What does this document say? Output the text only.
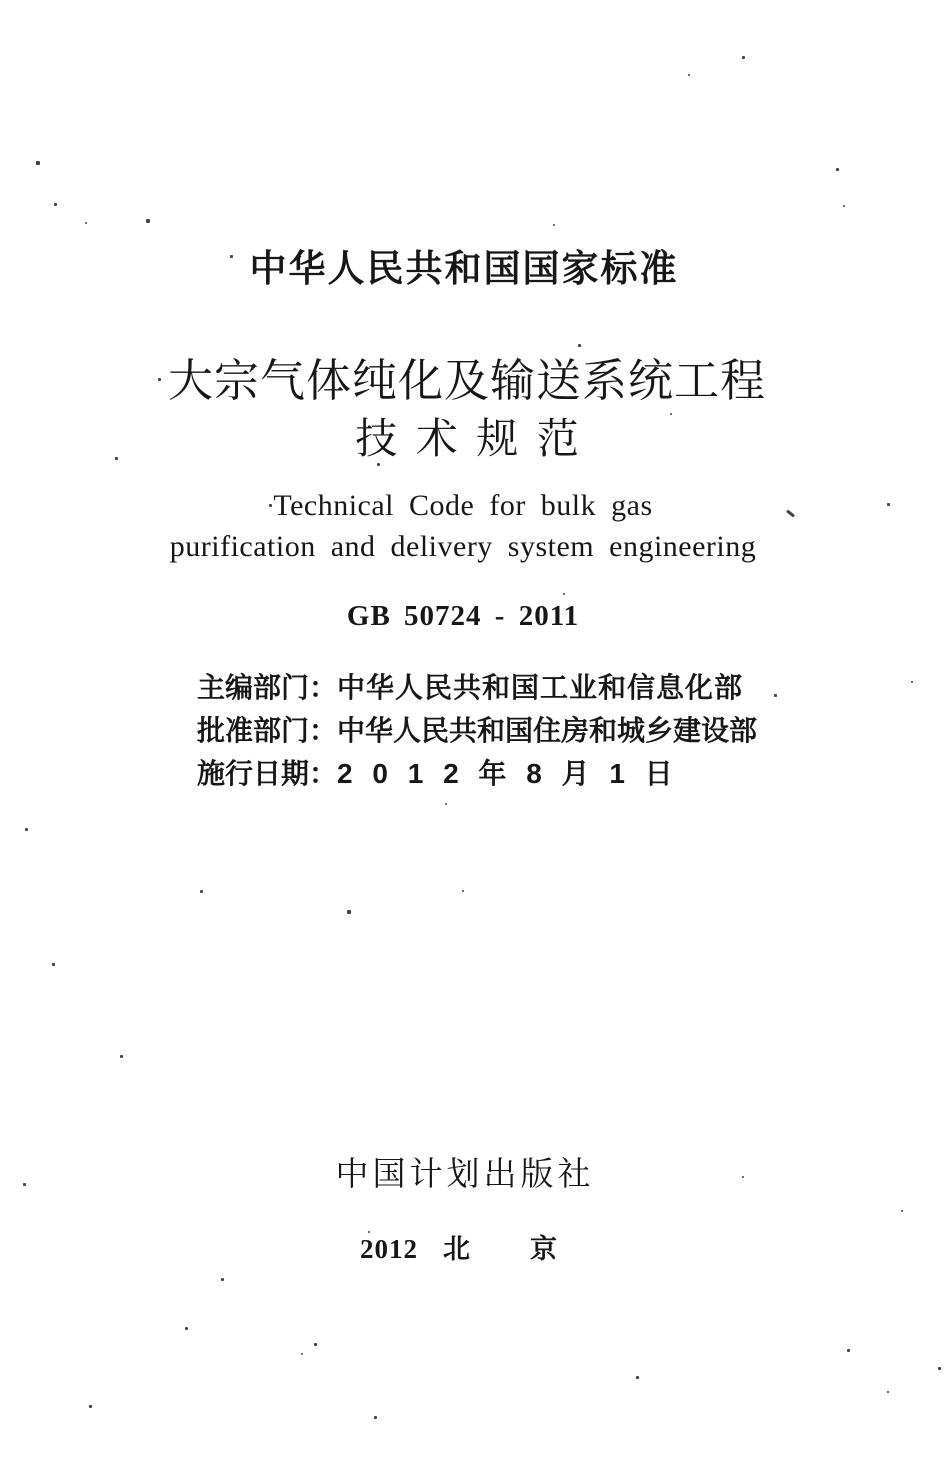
中华人民共和国国家标准
大宗气体纯化及输送系统工程
技 术 规 范
Technical Code for bulk gas
purification and delivery system engineering
GB 50724 - 2011
主编部门：中华人民共和国工业和信息化部
批准部门：中华人民共和国住房和城乡建设部
施行日期：2 0 1 2 年 8 月 1 日
中国计划出版社
2012 北 京
